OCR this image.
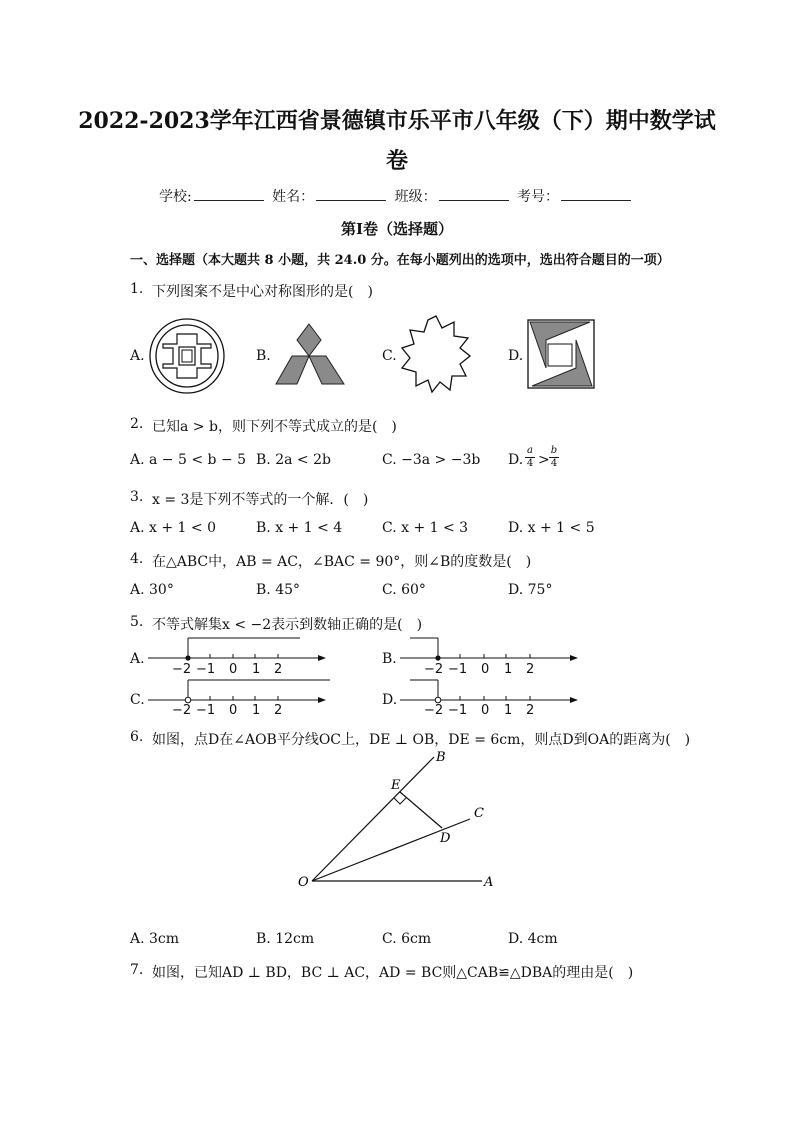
2022-2023学年江西省景德镇市乐平市八年级（下）期中数学试
卷
学校:	姓名：	班级：	考号：
第I卷（选择题）
一、选择题（本大题共 8 小题，共 24.0 分。在每小题列出的选项中，选出符合题目的一项）
1. 下列图案不是中心对称图形的是(　)
A.	B.	C.	D.
2. 已知a > b，则下列不等式成立的是(　)
A. a − 5 < b − 5 B. 2a < 2b	C. −3a > −3b D. $\frac{a}{4} > \frac{b}{4}$
3. x = 3是下列不等式的一个解．(　)
A. x + 1 < 0	B. x + 1 < 4	C. x + 1 < 3	D. x + 1 < 5
4. 在△ABC中，AB = AC，∠BAC = 90°，则∠B的度数是(　)
A. 30°	B. 45°	C. 60°	D. 75°
5. 不等式解集x < −2表示到数轴正确的是(　)
A.	B.
C.	D.
−2 −1 0 1 2	−2 −1 0 1 2
−2 −1 0 1 2	−2 −1 0 1 2
6. 如图，点D在∠AOB平分线OC上，DE ⊥ OB，DE = 6cm，则点D到OA的距离为(　)
O	A
B
C
D
E
A. 3cm	B. 12cm	C. 6cm	D. 4cm
7. 如图，已知AD ⊥ BD，BC ⊥ AC，AD = BC则△CAB≌△DBA的理由是(　)
